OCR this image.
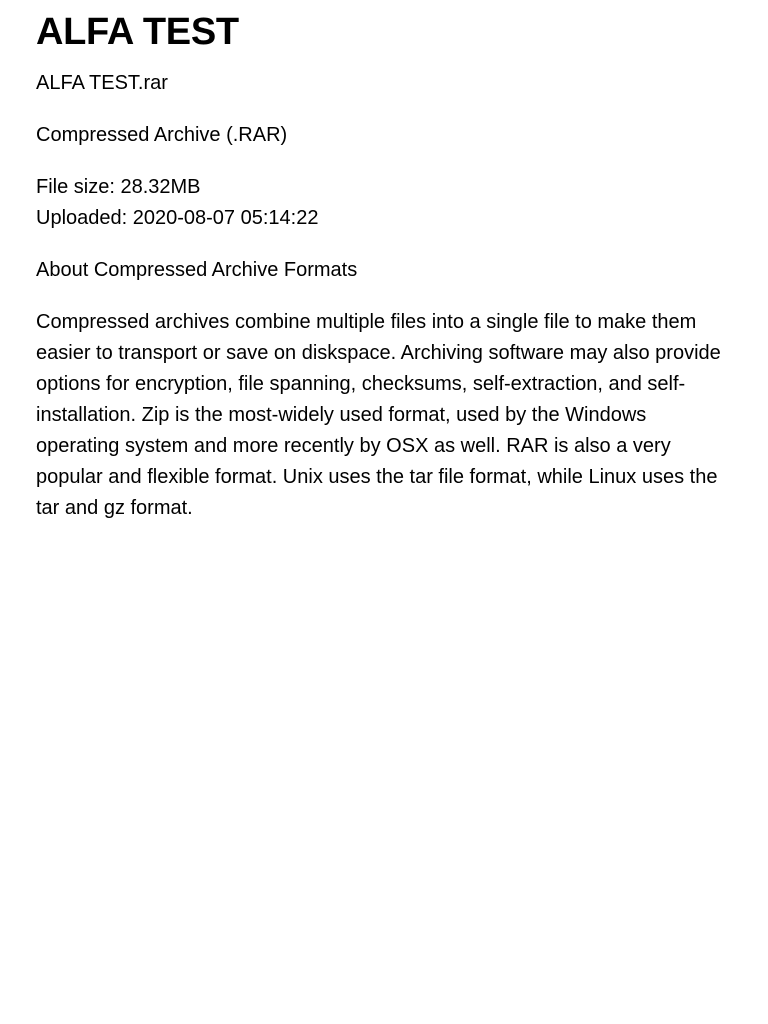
ALFA TEST

ALFA TEST.rar

Compressed Archive (.RAR)

File size: 28.32MB
Uploaded: 2020-08-07 05:14:22

About Compressed Archive Formats

Compressed archives combine multiple files into a single file to make them easier to transport or save on diskspace. Archiving software may also provide options for encryption, file spanning, checksums, self-extraction, and self-installation. Zip is the most-widely used format, used by the Windows operating system and more recently by OSX as well. RAR is also a very popular and flexible format. Unix uses the tar file format, while Linux uses the tar and gz format.
